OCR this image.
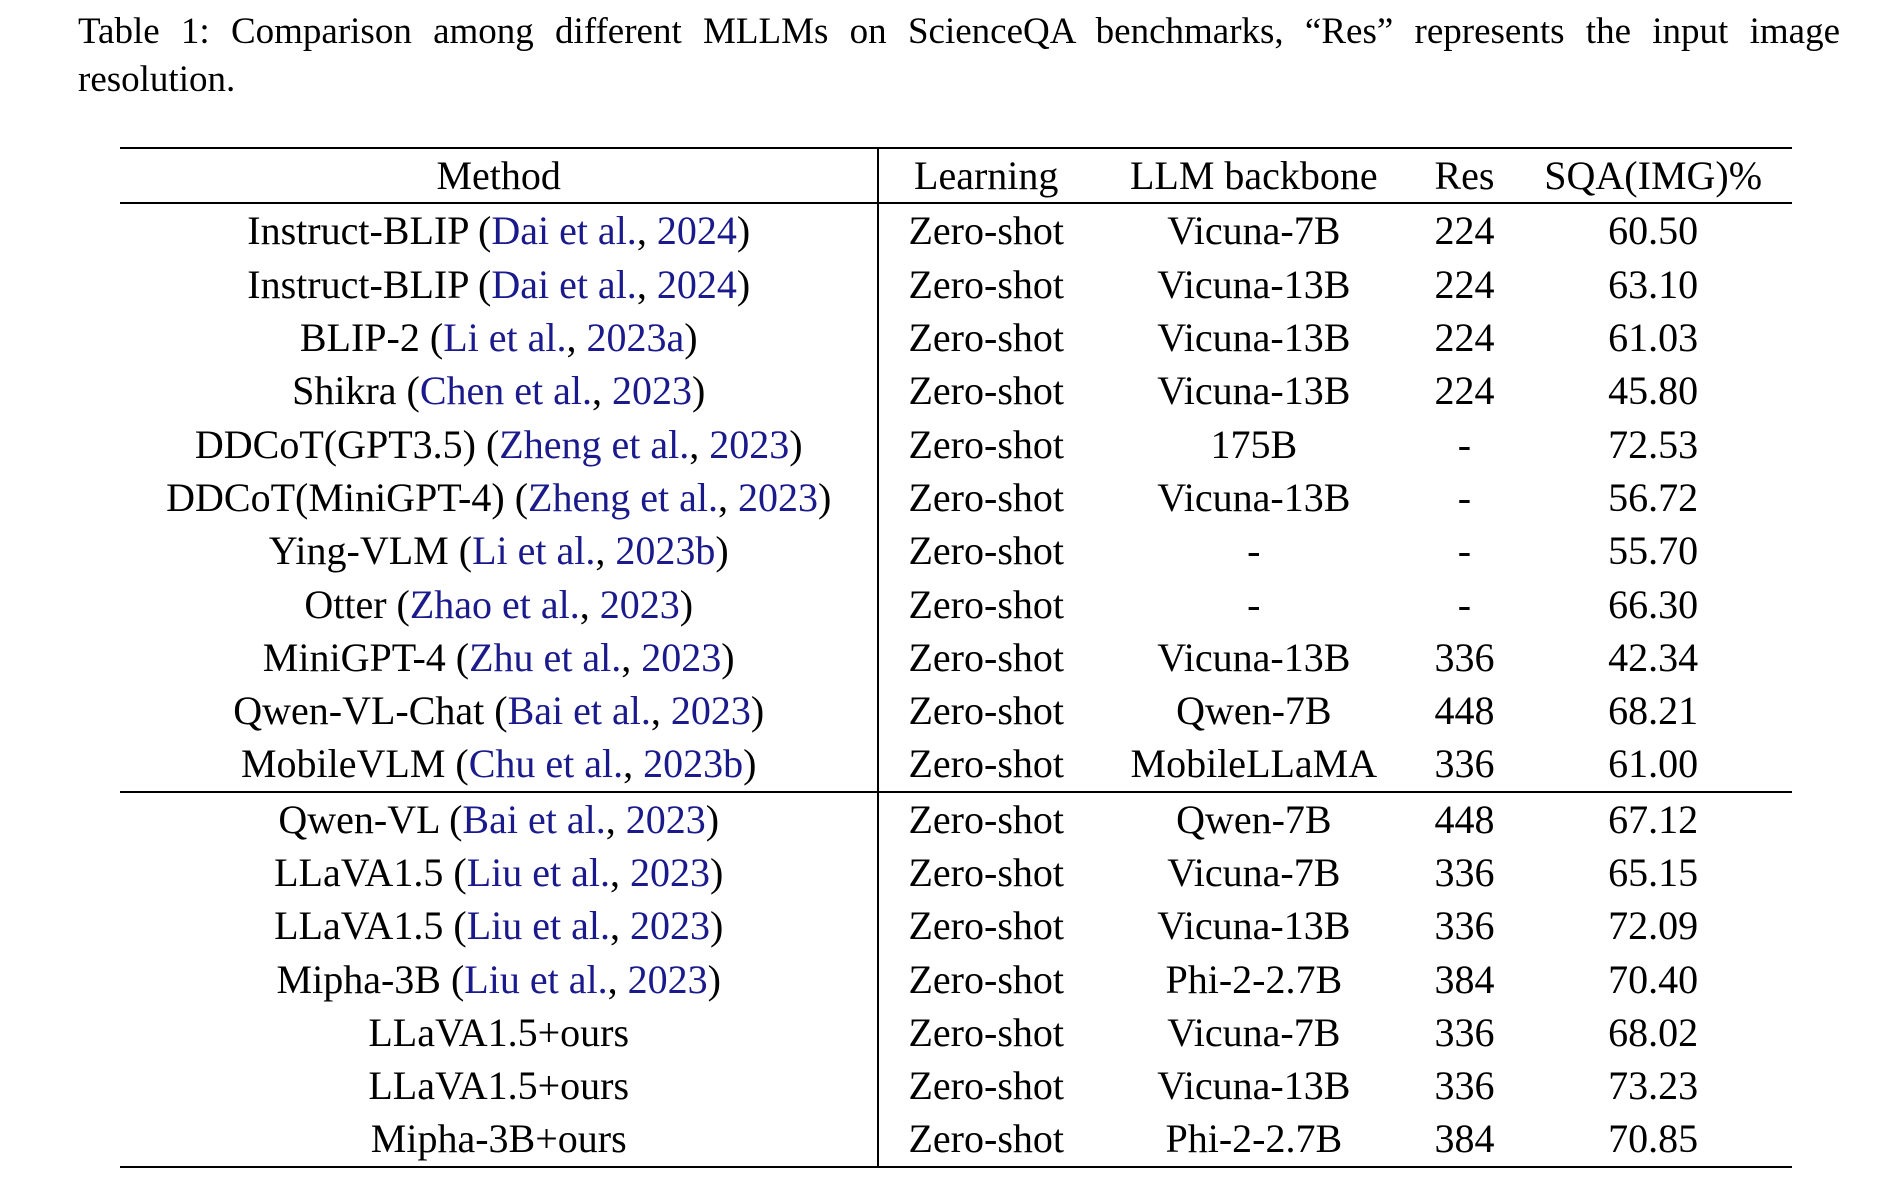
Table 1: Comparison among different MLLMs on ScienceQA benchmarks, “Res” represents the input image resolution.
Method	Learning	LLM backbone	Res	SQA(IMG)%
Instruct-BLIP (Dai et al., 2024)	Zero-shot	Vicuna-7B	224	60.50
Instruct-BLIP (Dai et al., 2024)	Zero-shot	Vicuna-13B	224	63.10
BLIP-2 (Li et al., 2023a)	Zero-shot	Vicuna-13B	224	61.03
Shikra (Chen et al., 2023)	Zero-shot	Vicuna-13B	224	45.80
DDCoT(GPT3.5) (Zheng et al., 2023)	Zero-shot	175B	-	72.53
DDCoT(MiniGPT-4) (Zheng et al., 2023)	Zero-shot	Vicuna-13B	-	56.72
Ying-VLM (Li et al., 2023b)	Zero-shot	-	-	55.70
Otter (Zhao et al., 2023)	Zero-shot	-	-	66.30
MiniGPT-4 (Zhu et al., 2023)	Zero-shot	Vicuna-13B	336	42.34
Qwen-VL-Chat (Bai et al., 2023)	Zero-shot	Qwen-7B	448	68.21
MobileVLM (Chu et al., 2023b)	Zero-shot	MobileLLaMA	336	61.00
Qwen-VL (Bai et al., 2023)	Zero-shot	Qwen-7B	448	67.12
LLaVA1.5 (Liu et al., 2023)	Zero-shot	Vicuna-7B	336	65.15
LLaVA1.5 (Liu et al., 2023)	Zero-shot	Vicuna-13B	336	72.09
Mipha-3B (Liu et al., 2023)	Zero-shot	Phi-2-2.7B	384	70.40
LLaVA1.5+ours	Zero-shot	Vicuna-7B	336	68.02
LLaVA1.5+ours	Zero-shot	Vicuna-13B	336	73.23
Mipha-3B+ours	Zero-shot	Phi-2-2.7B	384	70.85
